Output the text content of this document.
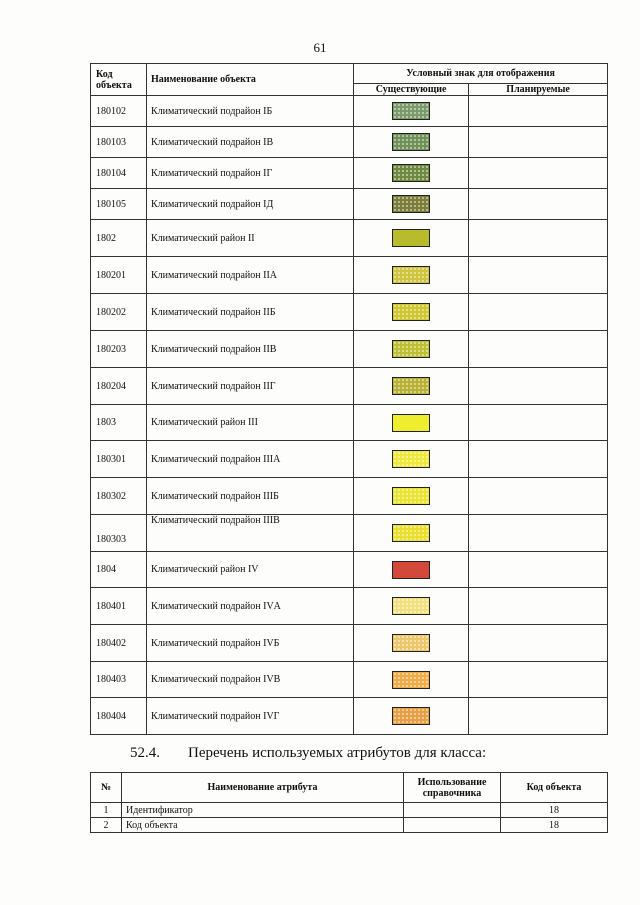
61
Код объекта	Наименование объекта	Условный знак для отображения	
		Существующие	Планируемые
180102	Климатический подрайон IБ		
180103	Климатический подрайон IВ		
180104	Климатический подрайон IГ		
180105	Климатический подрайон IД		
1802	Климатический район II		
180201	Климатический подрайон IIА		
180202	Климатический подрайон IIБ		
180203	Климатический подрайон IIВ		
180204	Климатический подрайон IIГ		
1803	Климатический район III		
180301	Климатический подрайон IIIА		
180302	Климатический подрайон IIIБ		
180303	Климатический подрайон IIIВ		
1804	Климатический район IV		
180401	Климатический подрайон IVА		
180402	Климатический подрайон IVБ		
180403	Климатический подрайон IVВ		
180404	Климатический подрайон IVГ		
52.4. Перечень используемых атрибутов для класса:
№	Наименование атрибута	Использование справочника	Код объекта
1	Идентификатор		18
2	Код объекта		18
